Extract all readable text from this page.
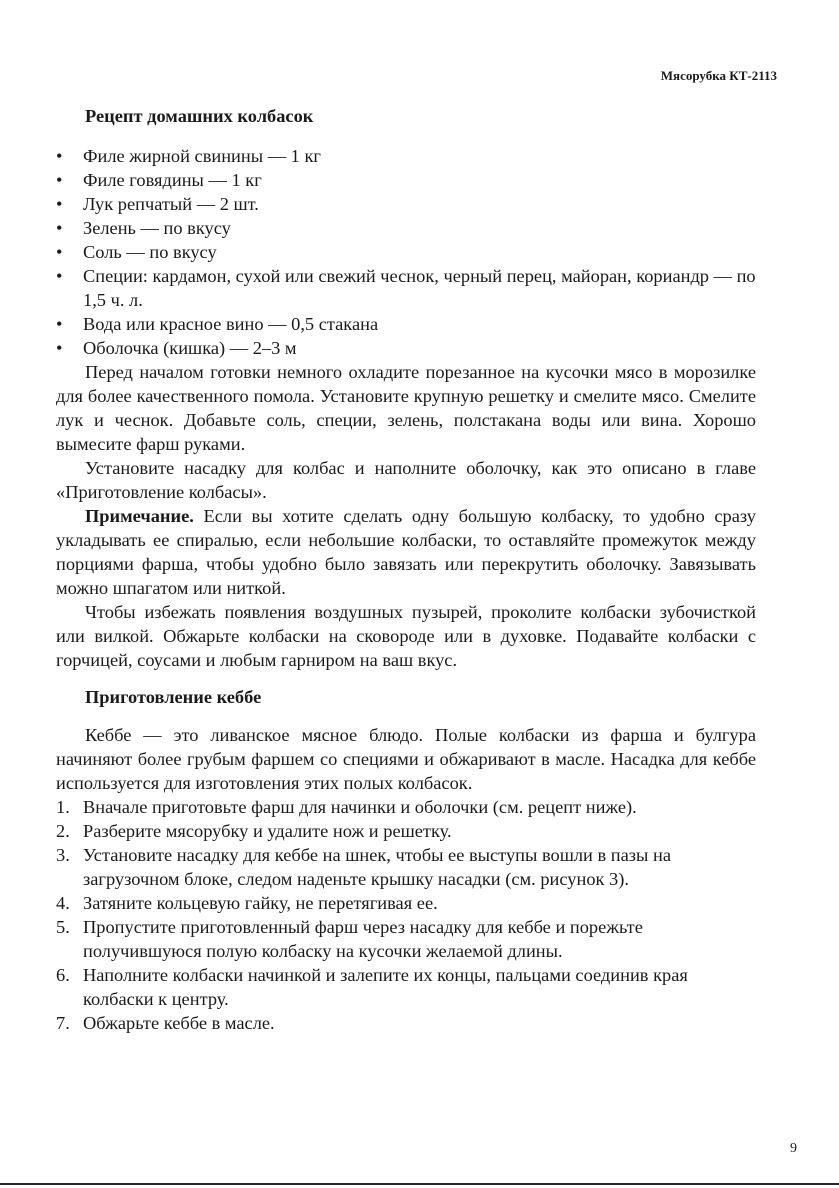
Мясорубка КТ-2113
Рецепт домашних колбасок
• Филе жирной свинины — 1 кг
• Филе говядины — 1 кг
• Лук репчатый — 2 шт.
• Зелень — по вкусу
• Соль — по вкусу
• Специи: кардамон, сухой или свежий чеснок, черный перец, майоран, кориандр — по 1,5 ч. л.
• Вода или красное вино — 0,5 стакана
• Оболочка (кишка) — 2–3 м

Перед началом готовки немного охладите порезанное на кусочки мясо в морозилке для более качественного помола. Установите крупную решетку и смелите мясо. Смелите лук и чеснок. Добавьте соль, специи, зелень, полстакана воды или вина. Хорошо вымесите фарш руками.

Установите насадку для колбас и наполните оболочку, как это описано в главе «Приготовление колбасы».

Примечание. Если вы хотите сделать одну большую колбаску, то удобно сразу укладывать ее спиралью, если небольшие колбаски, то оставляйте промежуток между порциями фарша, чтобы удобно было завязать или перекрутить оболочку. Завязывать можно шпагатом или ниткой.

Чтобы избежать появления воздушных пузырей, проколите колбаски зубочисткой или вилкой. Обжарьте колбаски на сковороде или в духовке. Подавайте колбаски с горчицей, соусами и любым гарниром на ваш вкус.

Приготовление кеббе

Кеббе — это ливанское мясное блюдо. Полые колбаски из фарша и булгура начиняют более грубым фаршем со специями и обжаривают в масле. Насадка для кеббе используется для изготовления этих полых колбасок.

1. Вначале приготовьте фарш для начинки и оболочки (см. рецепт ниже).
2. Разберите мясорубку и удалите нож и решетку.
3. Установите насадку для кеббе на шнек, чтобы ее выступы вошли в пазы на загрузочном блоке, следом наденьте крышку насадки (см. рисунок 3).
4. Затяните кольцевую гайку, не перетягивая ее.
5. Пропустите приготовленный фарш через насадку для кеббе и порежьте получившуюся полую колбаску на кусочки желаемой длины.
6. Наполните колбаски начинкой и залепите их концы, пальцами соединив края колбаски к центру.
7. Обжарьте кеббе в масле.
9
